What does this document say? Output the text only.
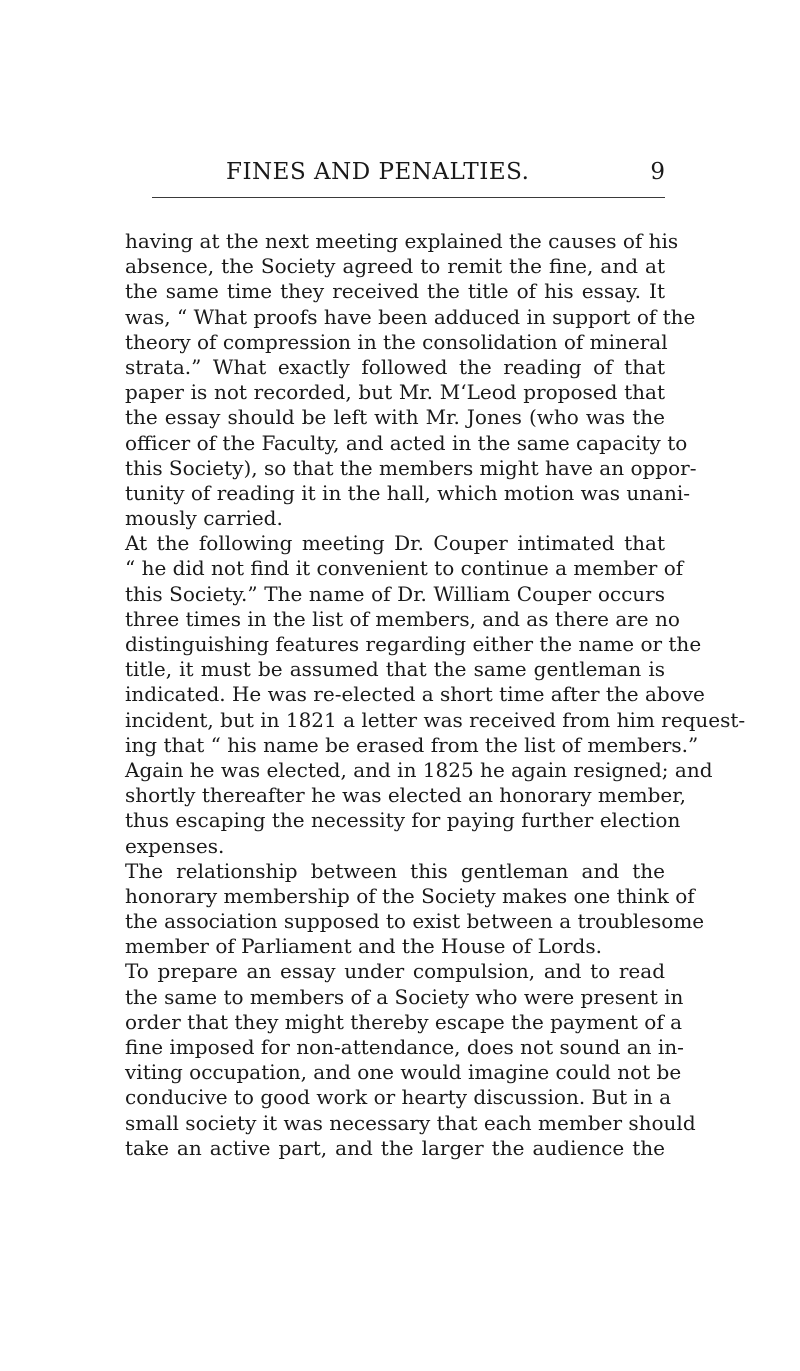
FINES AND PENALTIES.	9
having at the next meeting explained the causes of his
absence, the Society agreed to remit the fine, and at
the same time they received the title of his essay. It
was, “ What proofs have been adduced in support of the
theory of compression in the consolidation of mineral
strata.” What exactly followed the reading of that
paper is not recorded, but Mr. M‘Leod proposed that
the essay should be left with Mr. Jones (who was the
officer of the Faculty, and acted in the same capacity to
this Society), so that the members might have an oppor-
tunity of reading it in the hall, which motion was unani-
mously carried.
At the following meeting Dr. Couper intimated that
“ he did not find it convenient to continue a member of
this Society.” The name of Dr. William Couper occurs
three times in the list of members, and as there are no
distinguishing features regarding either the name or the
title, it must be assumed that the same gentleman is
indicated. He was re-elected a short time after the above
incident, but in 1821 a letter was received from him request-
ing that “ his name be erased from the list of members.”
Again he was elected, and in 1825 he again resigned; and
shortly thereafter he was elected an honorary member,
thus escaping the necessity for paying further election
expenses.
The relationship between this gentleman and the
honorary membership of the Society makes one think of
the association supposed to exist between a troublesome
member of Parliament and the House of Lords.
To prepare an essay under compulsion, and to read
the same to members of a Society who were present in
order that they might thereby escape the payment of a
fine imposed for non-attendance, does not sound an in-
viting occupation, and one would imagine could not be
conducive to good work or hearty discussion. But in a
small society it was necessary that each member should
take an active part, and the larger the audience the
